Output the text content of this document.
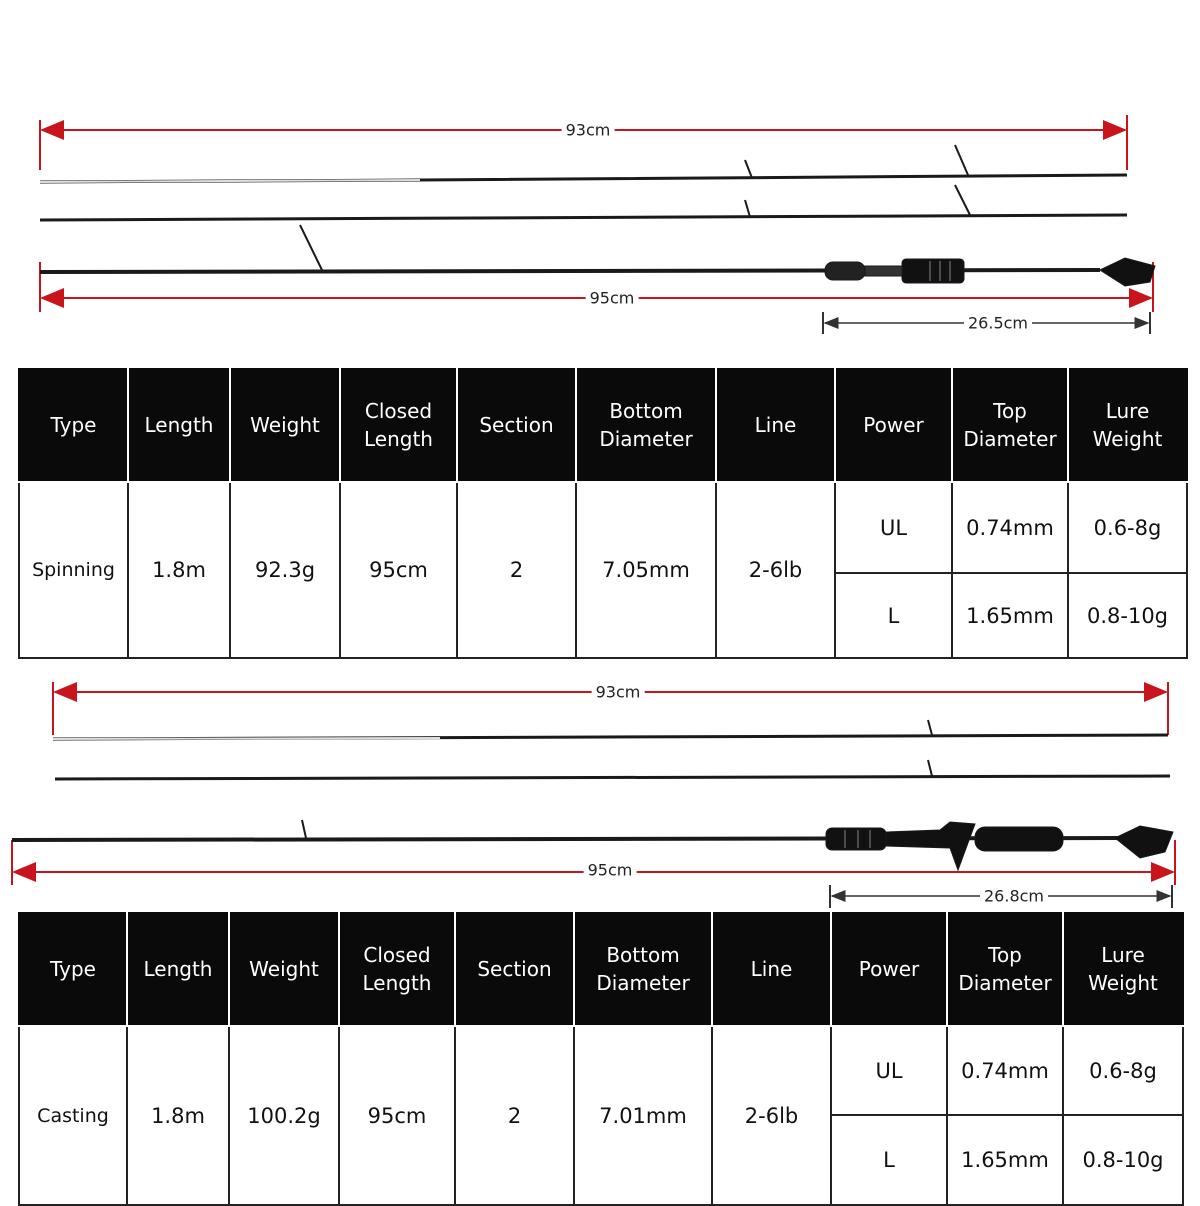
93cm
95cm
26.5cm
93cm
95cm
26.8cm
Type	Length	Weight	Closed Length	Section	Bottom Diameter	Line	Power	Top Diameter	Lure Weight
Spinning	1.8m	92.3g	95cm	2	7.05mm	2-6lb	UL	0.74mm	0.6-8g
							L	1.65mm	0.8-10g
Type	Length	Weight	Closed Length	Section	Bottom Diameter	Line	Power	Top Diameter	Lure Weight
Casting	1.8m	100.2g	95cm	2	7.01mm	2-6lb	UL	0.74mm	0.6-8g
							L	1.65mm	0.8-10g
